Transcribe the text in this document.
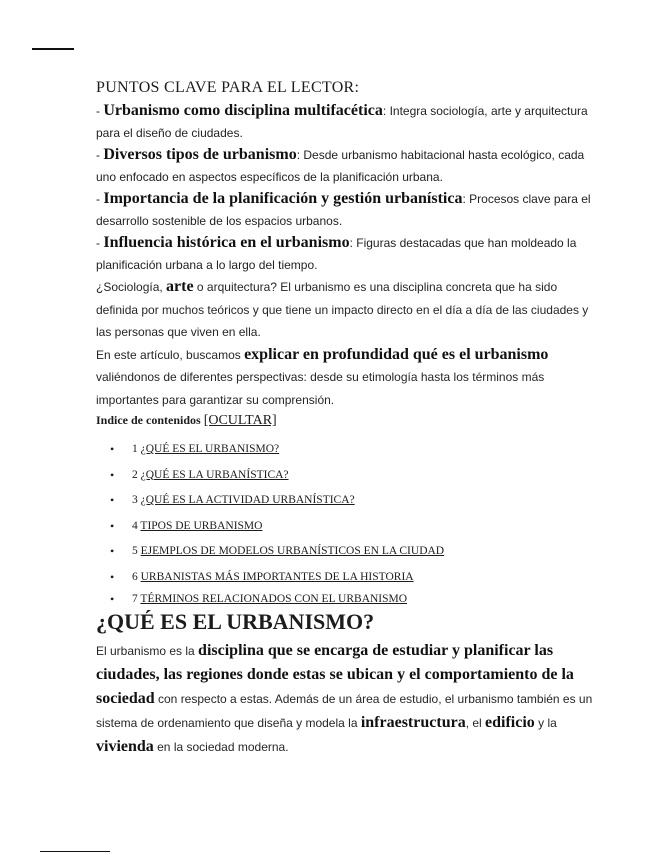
PUNTOS CLAVE PARA EL LECTOR:

- Urbanismo como disciplina multifacética: Integra sociología, arte y arquitectura para el diseño de ciudades.

- Diversos tipos de urbanismo: Desde urbanismo habitacional hasta ecológico, cada uno enfocado en aspectos específicos de la planificación urbana.

- Importancia de la planificación y gestión urbanística: Procesos clave para el desarrollo sostenible de los espacios urbanos.

- Influencia histórica en el urbanismo: Figuras destacadas que han moldeado la planificación urbana a lo largo del tiempo.

¿Sociología, arte o arquitectura? El urbanismo es una disciplina concreta que ha sido definida por muchos teóricos y que tiene un impacto directo en el día a día de las ciudades y las personas que viven en ella.

En este artículo, buscamos explicar en profundidad qué es el urbanismo valiéndonos de diferentes perspectivas: desde su etimología hasta los términos más importantes para garantizar su comprensión.

Indice de contenidos [OCULTAR]
• 1 ¿QUÉ ES EL URBANISMO?
• 2 ¿QUÉ ES LA URBANÍSTICA?
• 3 ¿QUÉ ES LA ACTIVIDAD URBANÍSTICA?
• 4 TIPOS DE URBANISMO
• 5 EJEMPLOS DE MODELOS URBANÍSTICOS EN LA CIUDAD
• 6 URBANISTAS MÁS IMPORTANTES DE LA HISTORIA
• 7 TÉRMINOS RELACIONADOS CON EL URBANISMO
¿QUÉ ES EL URBANISMO?

El urbanismo es la disciplina que se encarga de estudiar y planificar las ciudades, las regiones donde estas se ubican y el comportamiento de la sociedad con respecto a estas. Además de un área de estudio, el urbanismo también es un sistema de ordenamiento que diseña y modela la infraestructura, el edificio y la vivienda en la sociedad moderna.
